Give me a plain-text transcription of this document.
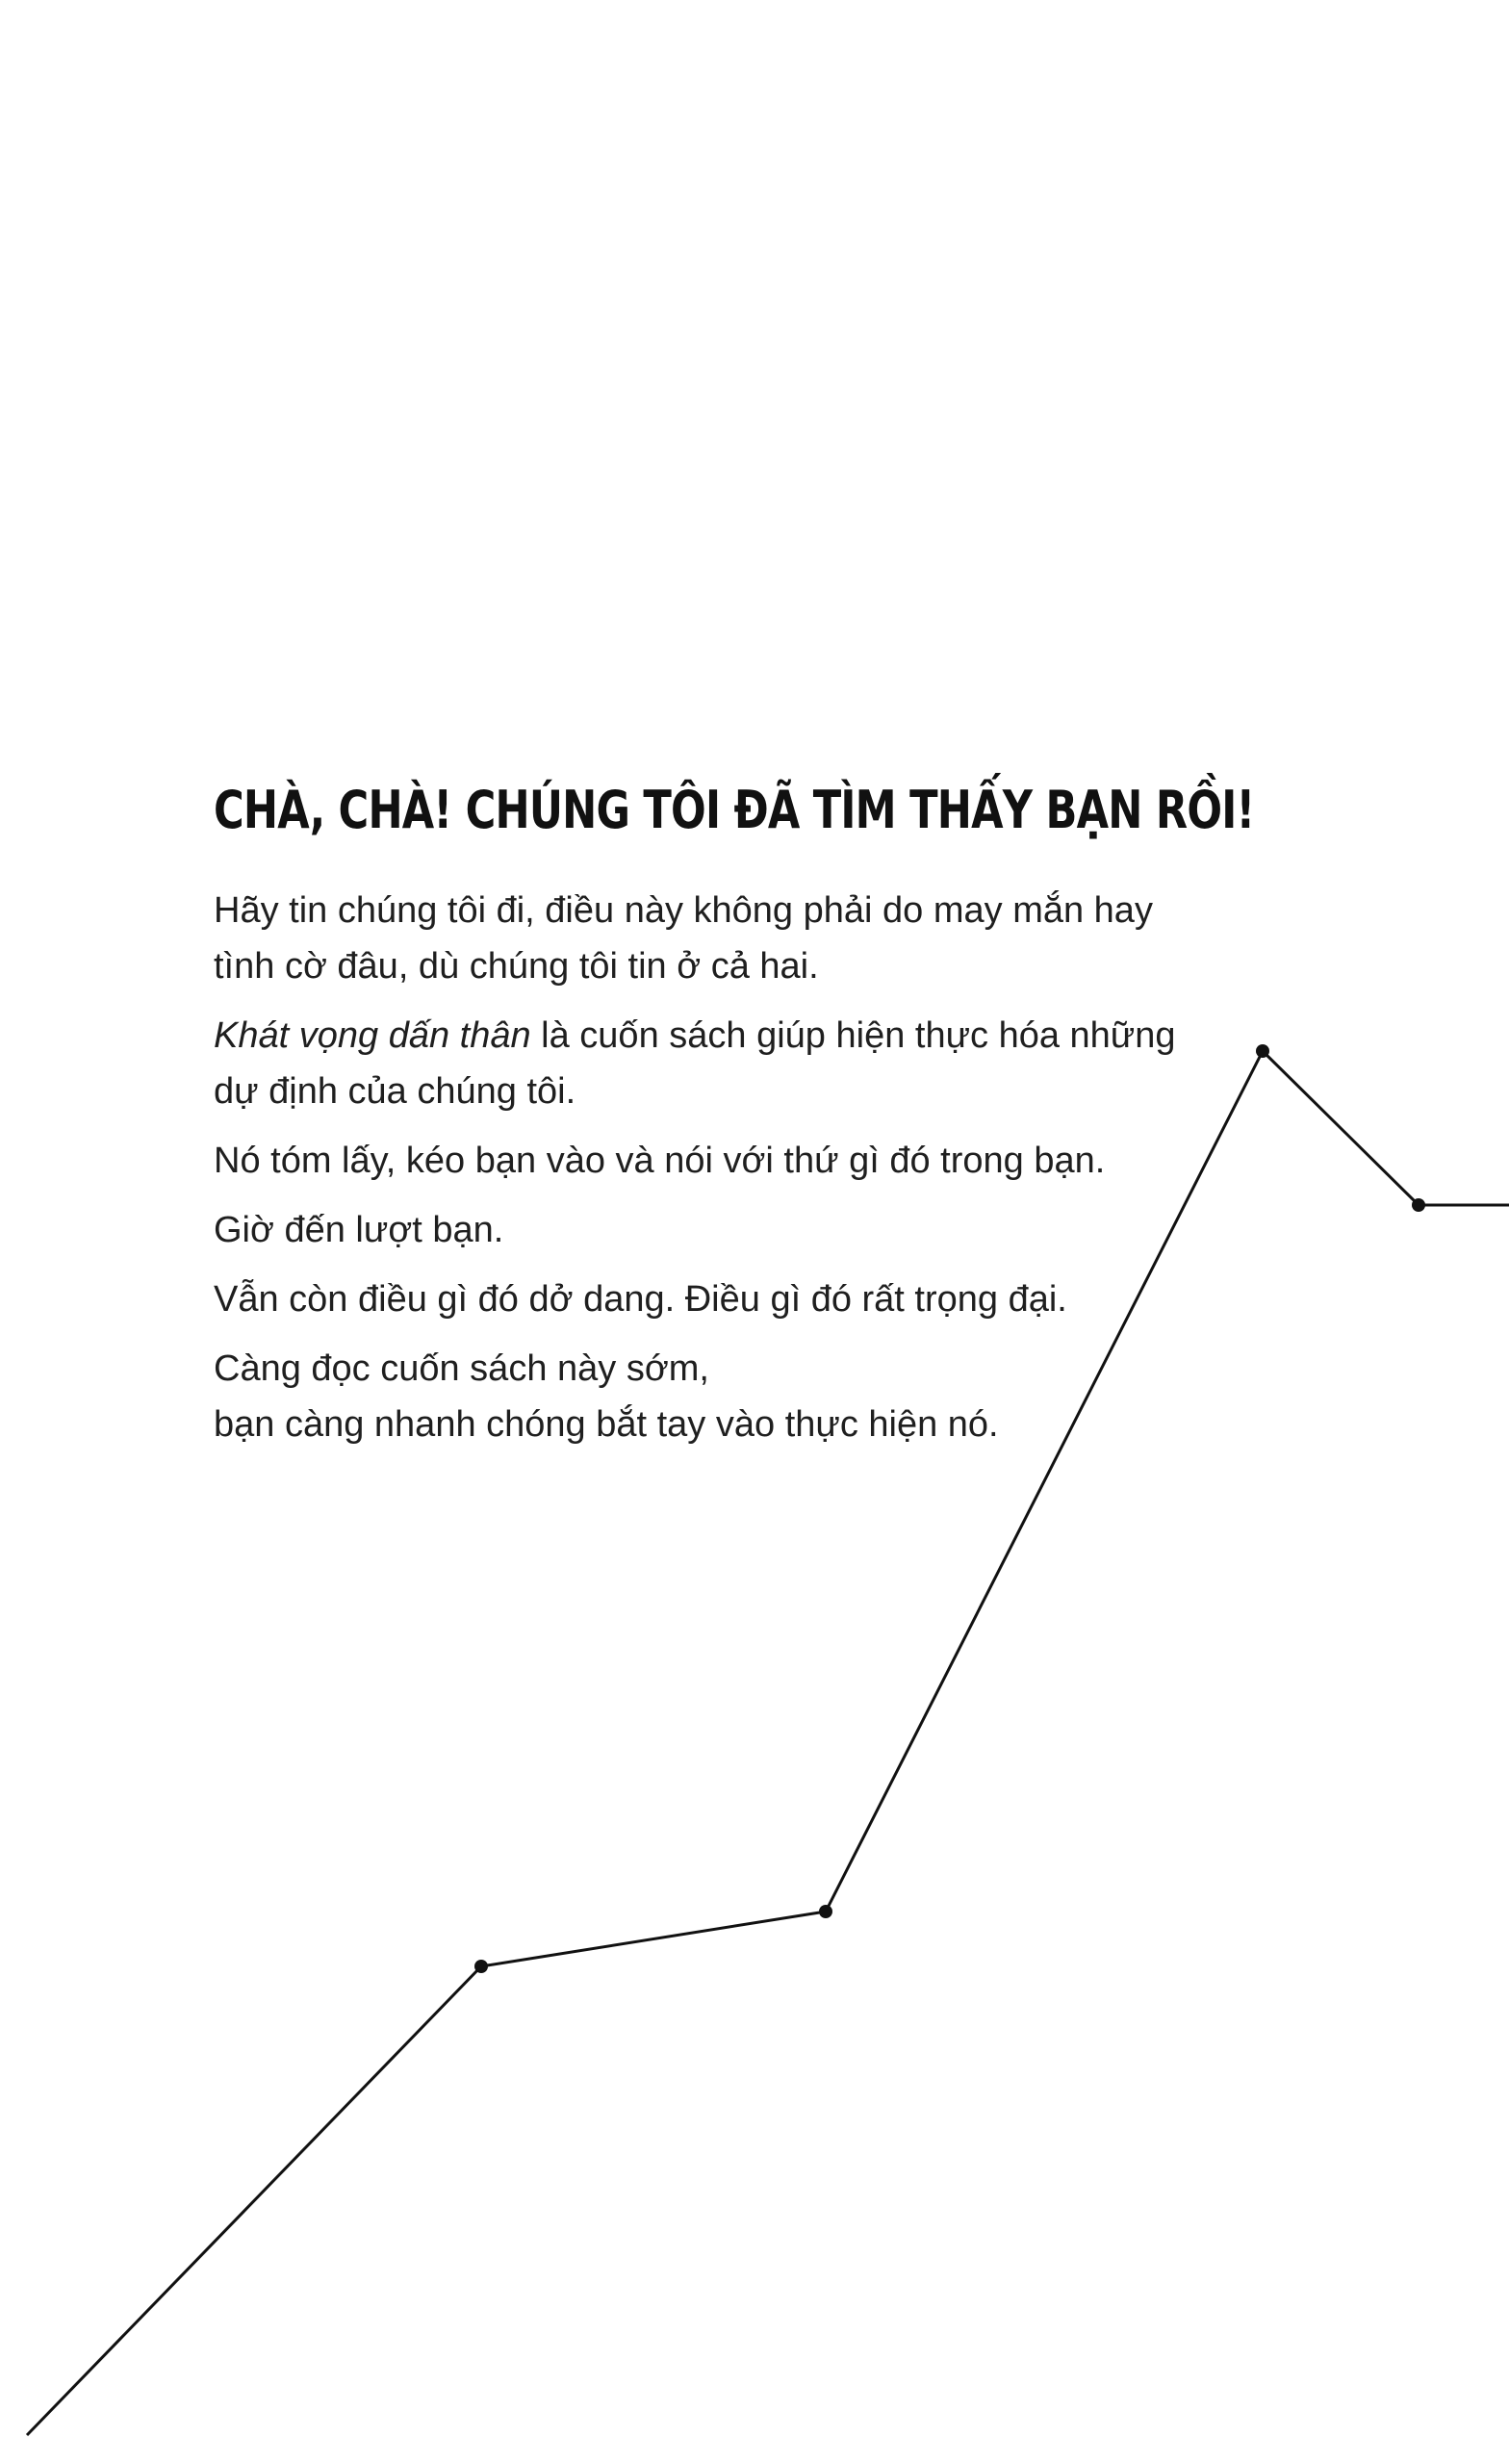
CHÀ, CHÀ! CHÚNG TÔI ĐÃ TÌM THẤY BẠN RỒI!

Hãy tin chúng tôi đi, điều này không phải do may mắn hay
tình cờ đâu, dù chúng tôi tin ở cả hai.

Khát vọng dấn thân là cuốn sách giúp hiện thực hóa những
dự định của chúng tôi.

Nó tóm lấy, kéo bạn vào và nói với thứ gì đó trong bạn.

Giờ đến lượt bạn.

Vẫn còn điều gì đó dở dang. Điều gì đó rất trọng đại.

Càng đọc cuốn sách này sớm,
bạn càng nhanh chóng bắt tay vào thực hiện nó.
